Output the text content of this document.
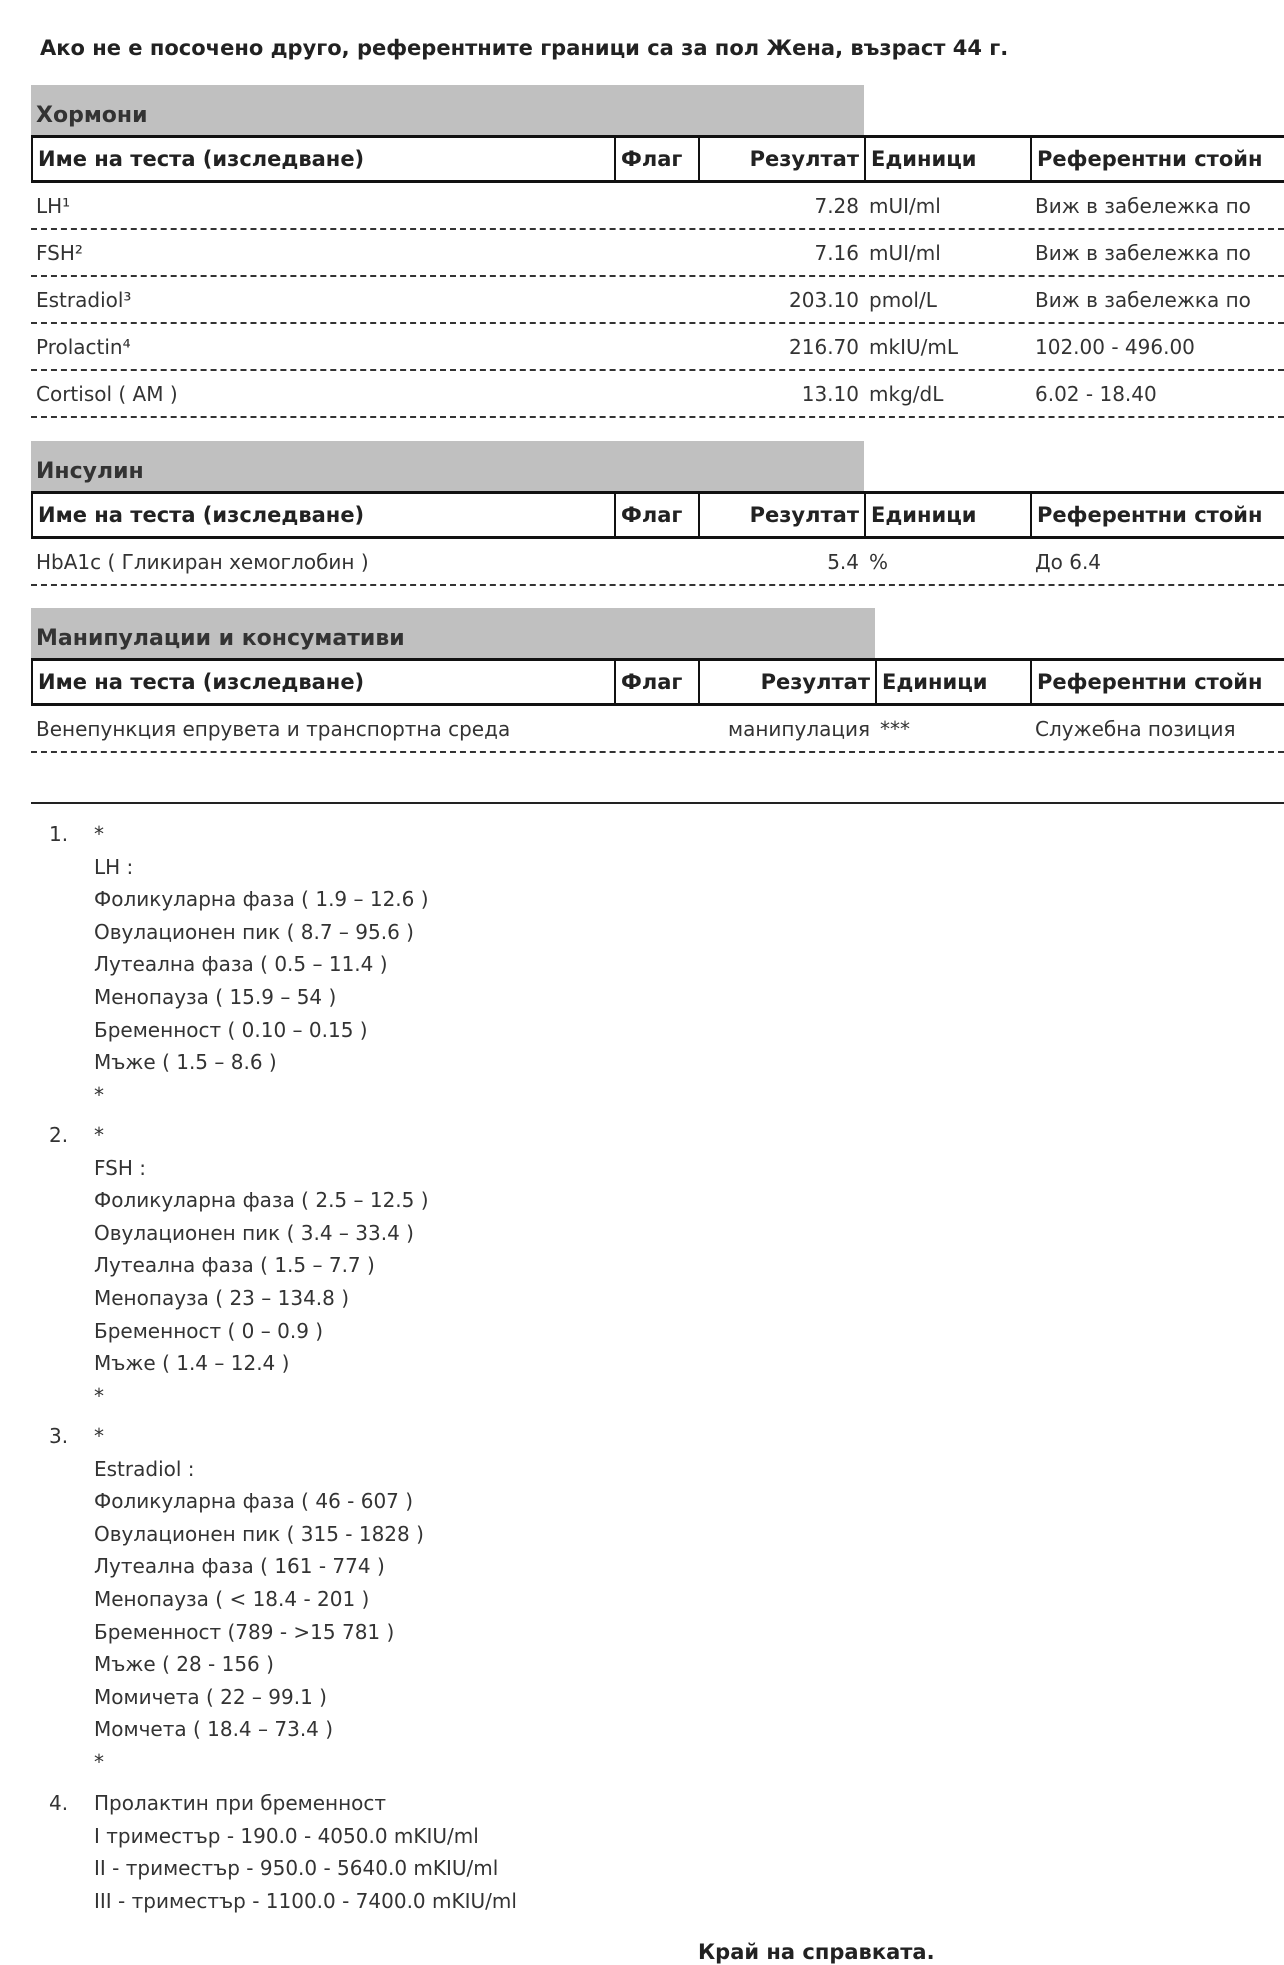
Ако не е посочено друго, референтните граници са за пол Жена, възраст 44 г.
Хормони
Име на теста (изследване)	Флаг	Резултат Единици	Референтни стойн
LH¹	7.28 mUI/ml	Виж в забележка по
FSH²	7.16 mUI/ml	Виж в забележка по
Estradiol³	203.10 pmol/L	Виж в забележка по
Prolactin⁴	216.70 mkIU/mL	102.00 - 496.00
Cortisol ( AM )	13.10 mkg/dL	6.02 - 18.40
Инсулин
Име на теста (изследване)	Флаг	Резултат Единици	Референтни стойн
HbA1c ( Гликиран хемоглобин )	5.4 %	До 6.4
Манипулации и консумативи
Име на теста (изследване)	Флаг	Резултат Единици	Референтни стойн
Венепункция епрувета и транспортна среда	манипулация ***	Служебна позиция
1. *
LH :
Фоликуларна фаза ( 1.9 – 12.6 )
Овулационен пик ( 8.7 – 95.6 )
Лутеална фаза ( 0.5 – 11.4 )
Менопауза ( 15.9 – 54 )
Бременност ( 0.10 – 0.15 )
Мъже ( 1.5 – 8.6 )
*
2. *
FSH :
Фоликуларна фаза ( 2.5 – 12.5 )
Овулационен пик ( 3.4 – 33.4 )
Лутеална фаза ( 1.5 – 7.7 )
Менопауза ( 23 – 134.8 )
Бременност ( 0 – 0.9 )
Мъже ( 1.4 – 12.4 )
*
3. *
Estradiol :
Фоликуларна фаза ( 46 - 607 )
Овулационен пик ( 315 - 1828 )
Лутеална фаза ( 161 - 774 )
Менопауза ( < 18.4 - 201 )
Бременност (789 - >15 781 )
Мъже ( 28 - 156 )
Момичета ( 22 – 99.1 )
Момчета ( 18.4 – 73.4 )
*
4. Пролактин при бременност
I триместър - 190.0 - 4050.0 mKIU/ml
II - триместър - 950.0 - 5640.0 mKIU/ml
III - триместър - 1100.0 - 7400.0 mKIU/ml
Край на справката.
